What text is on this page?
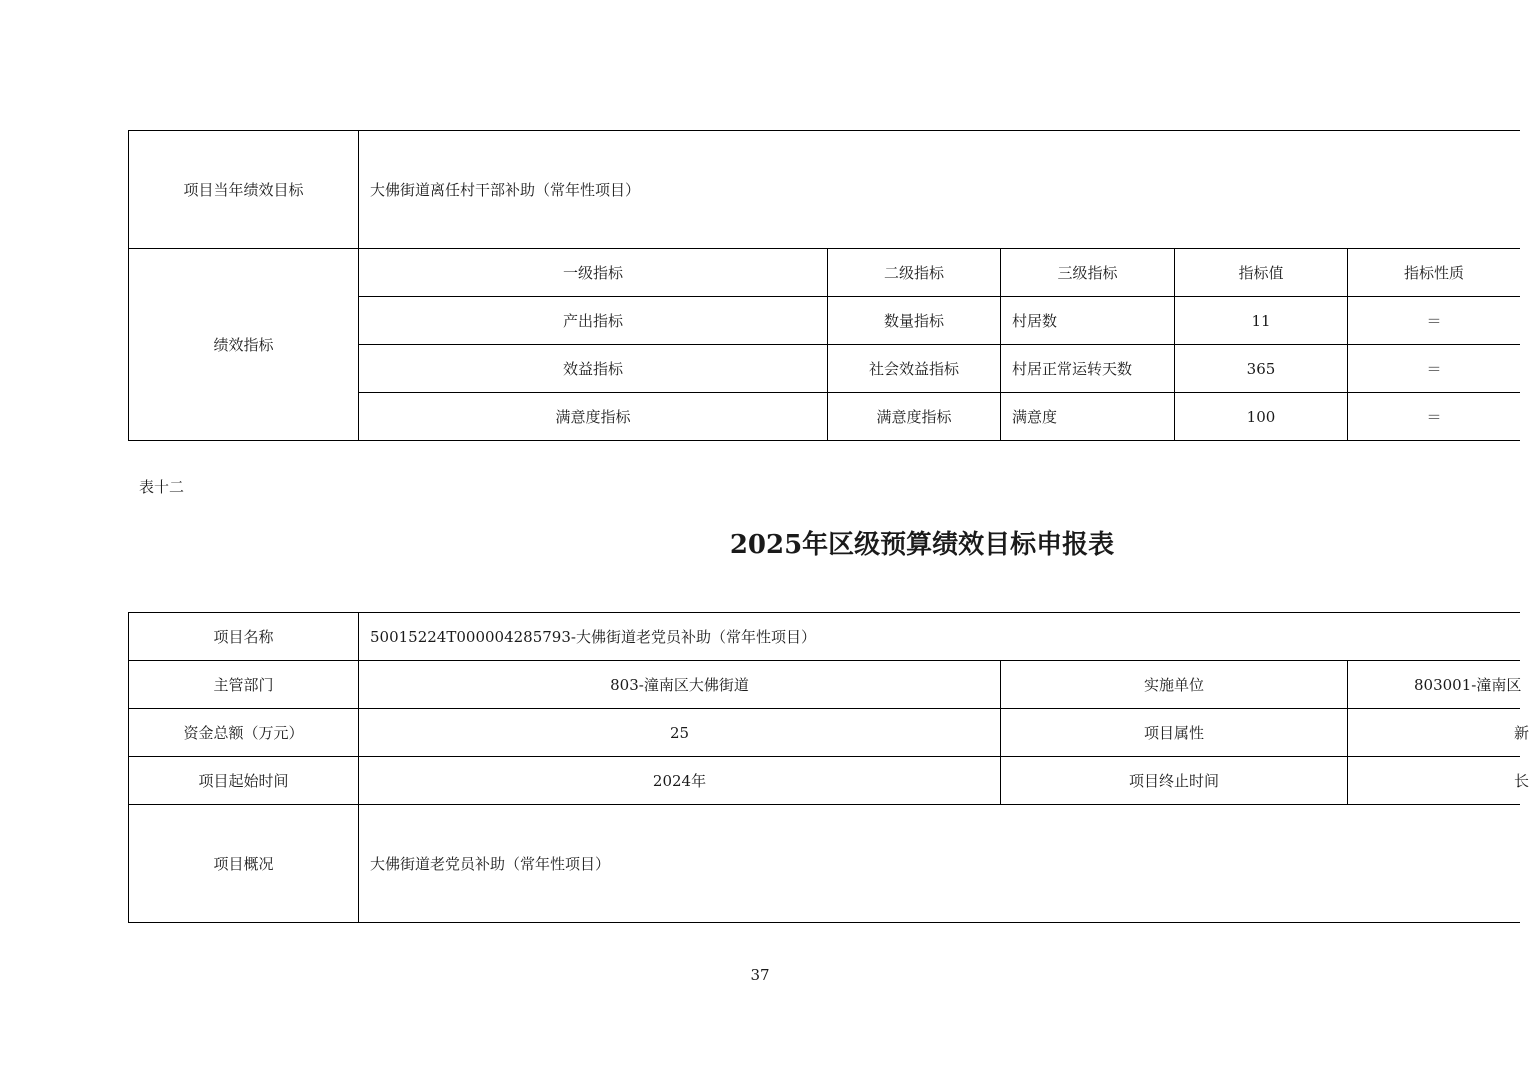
项目当年绩效目标	大佛街道离任村干部补助（常年性项目）
绩效指标
一级指标	二级指标	三级指标	指标值	指标性质
产出指标	数量指标	村居数	11	＝
效益指标	社会效益指标	村居正常运转天数	365	＝
满意度指标	满意度指标	满意度	100	＝
表十二
2025年区级预算绩效目标申报表
项目名称	50015224T000004285793-大佛街道老党员补助（常年性项目）
主管部门	803-潼南区大佛街道	实施单位	803001-潼南区
资金总额（万元）	25	项目属性	新
项目起始时间	2024年	项目终止时间	长
项目概况	大佛街道老党员补助（常年性项目）
37
